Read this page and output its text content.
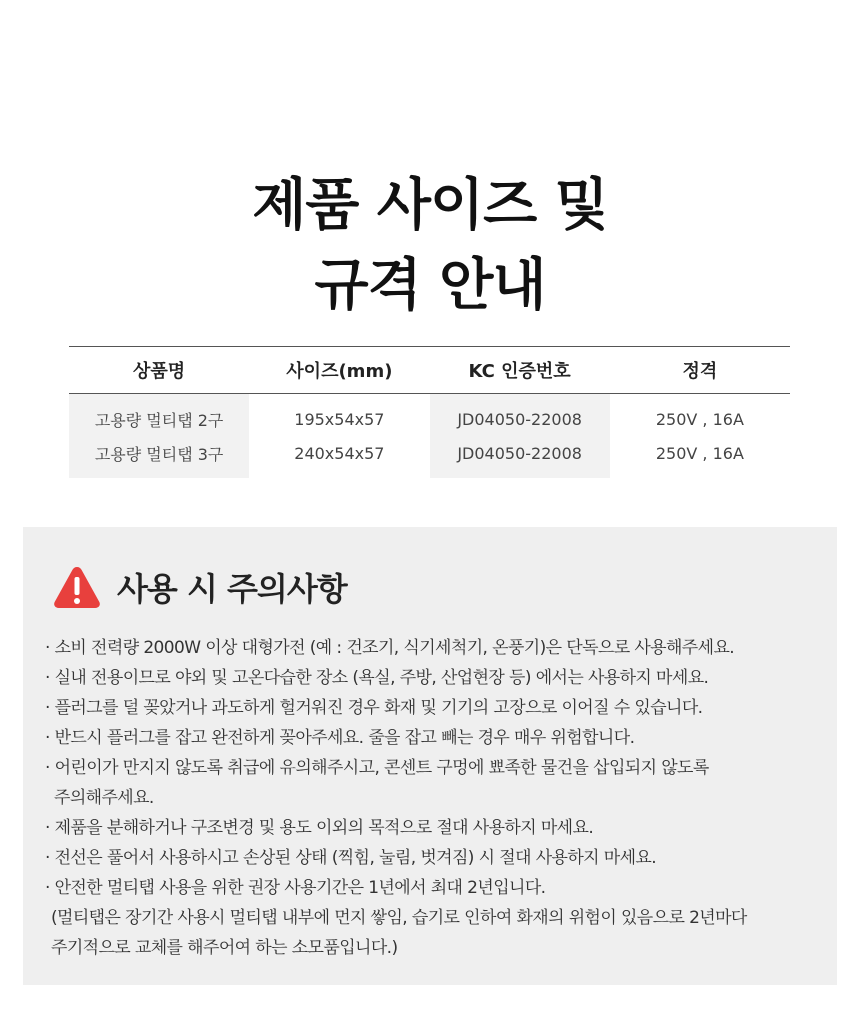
제품 사이즈 및
규격 안내
상품명	사이즈(mm)	KC 인증번호	정격
고용량 멀티탭 2구	195x54x57	JD04050-22008	250V , 16A
고용량 멀티탭 3구	240x54x57	JD04050-22008	250V , 16A
사용 시 주의사항
· 소비 전력량 2000W 이상 대형가전 (예 : 건조기, 식기세척기, 온풍기)은 단독으로 사용해주세요.
· 실내 전용이므로 야외 및 고온다습한 장소 (욕실, 주방, 산업현장 등) 에서는 사용하지 마세요.
· 플러그를 덜 꽂았거나 과도하게 헐거워진 경우 화재 및 기기의 고장으로 이어질 수 있습니다.
· 반드시 플러그를 잡고 완전하게 꽂아주세요. 줄을 잡고 빼는 경우 매우 위험합니다.
· 어린이가 만지지 않도록 취급에 유의해주시고, 콘센트 구멍에 뾰족한 물건을 삽입되지 않도록
주의해주세요.
· 제품을 분해하거나 구조변경 및 용도 이외의 목적으로 절대 사용하지 마세요.
· 전선은 풀어서 사용하시고 손상된 상태 (찍힘, 눌림, 벗겨짐) 시 절대 사용하지 마세요.
· 안전한 멀티탭 사용을 위한 권장 사용기간은 1년에서 최대 2년입니다.
(멀티탭은 장기간 사용시 멀티탭 내부에 먼지 쌓임, 습기로 인하여 화재의 위험이 있음으로 2년마다
주기적으로 교체를 해주어여 하는 소모품입니다.)
